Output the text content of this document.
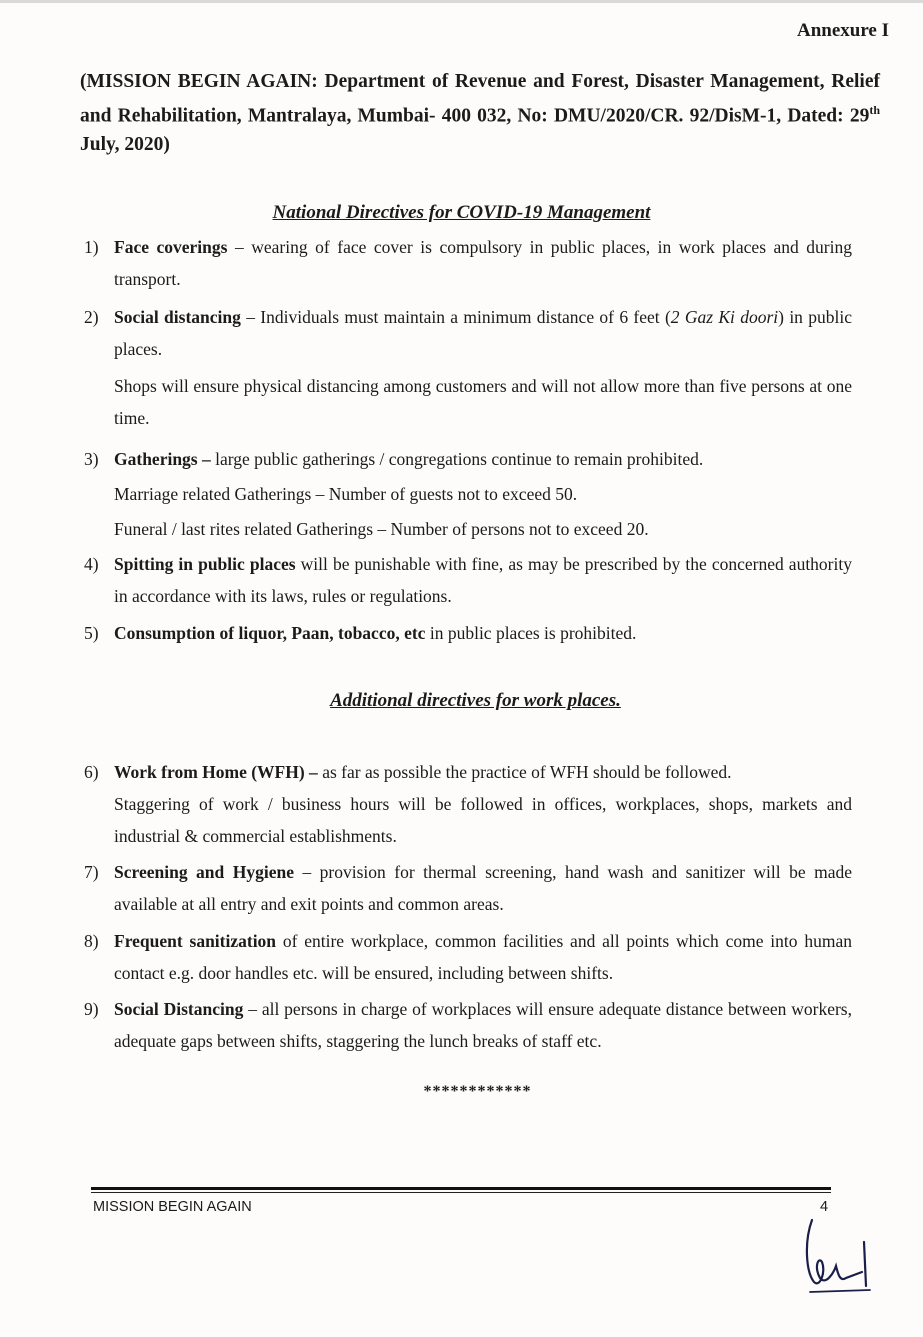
Annexure I
(MISSION BEGIN AGAIN: Department of Revenue and Forest, Disaster Management, Relief and Rehabilitation, Mantralaya, Mumbai- 400 032, No: DMU/2020/CR. 92/DisM-1, Dated: 29th July, 2020)
National Directives for COVID-19 Management
1) Face coverings – wearing of face cover is compulsory in public places, in work places and during transport.
2) Social distancing – Individuals must maintain a minimum distance of 6 feet (2 Gaz Ki doori) in public places.

Shops will ensure physical distancing among customers and will not allow more than five persons at one time.

3) Gatherings – large public gatherings / congregations continue to remain prohibited.

Marriage related Gatherings – Number of guests not to exceed 50.

Funeral / last rites related Gatherings – Number of persons not to exceed 20.

4) Spitting in public places will be punishable with fine, as may be prescribed by the concerned authority in accordance with its laws, rules or regulations.
5) Consumption of liquor, Paan, tobacco, etc in public places is prohibited.
Additional directives for work places.
6) Work from Home (WFH) – as far as possible the practice of WFH should be followed.

Staggering of work / business hours will be followed in offices, workplaces, shops, markets and industrial & commercial establishments.

7) Screening and Hygiene – provision for thermal screening, hand wash and sanitizer will be made available at all entry and exit points and common areas.
8) Frequent sanitization of entire workplace, common facilities and all points which come into human contact e.g. door handles etc. will be ensured, including between shifts.
9) Social Distancing – all persons in charge of workplaces will ensure adequate distance between workers, adequate gaps between shifts, staggering the lunch breaks of staff etc.
************
MISSION BEGIN AGAIN	4
